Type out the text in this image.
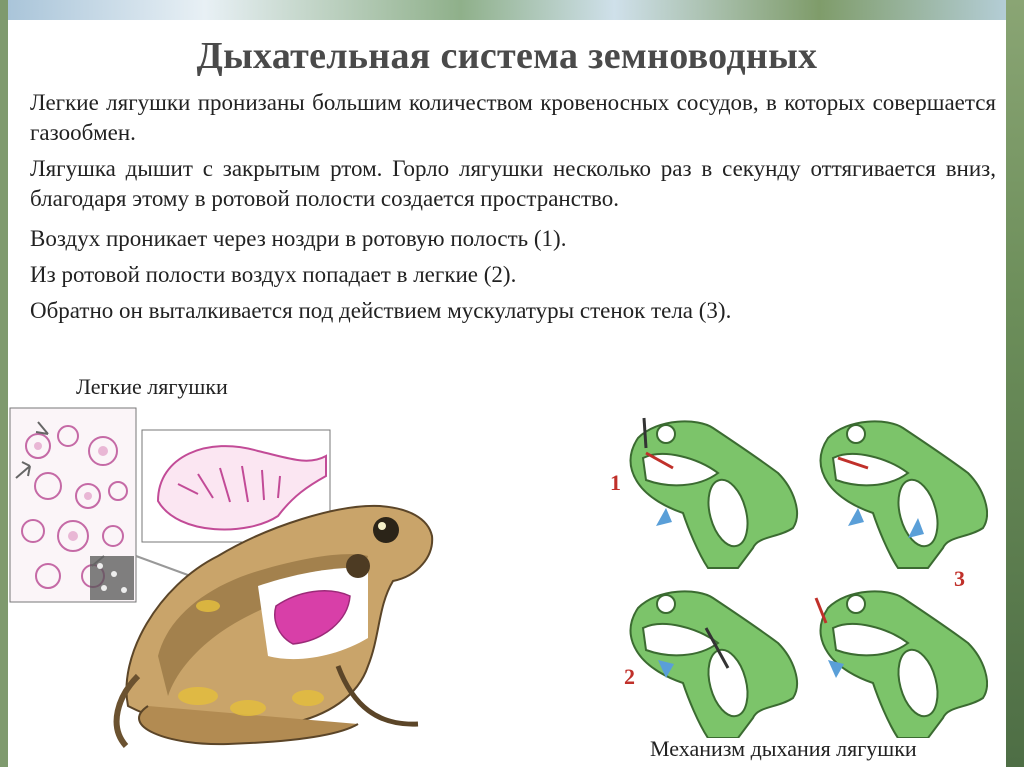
Дыхательная система земноводных
Легкие лягушки пронизаны большим количеством кровеносных сосудов, в которых совершается газообмен.
Лягушка дышит с закрытым ртом. Горло лягушки несколько раз в секунду оттягивается вниз, благодаря этому в ротовой полости создается пространство.
Воздух проникает через ноздри в ротовую полость (1).
Из ротовой полости воздух попадает в легкие (2).
Обратно он выталкивается под действием мускулатуры стенок тела (3).
Легкие лягушки
1
2
3
Механизм дыхания лягушки
